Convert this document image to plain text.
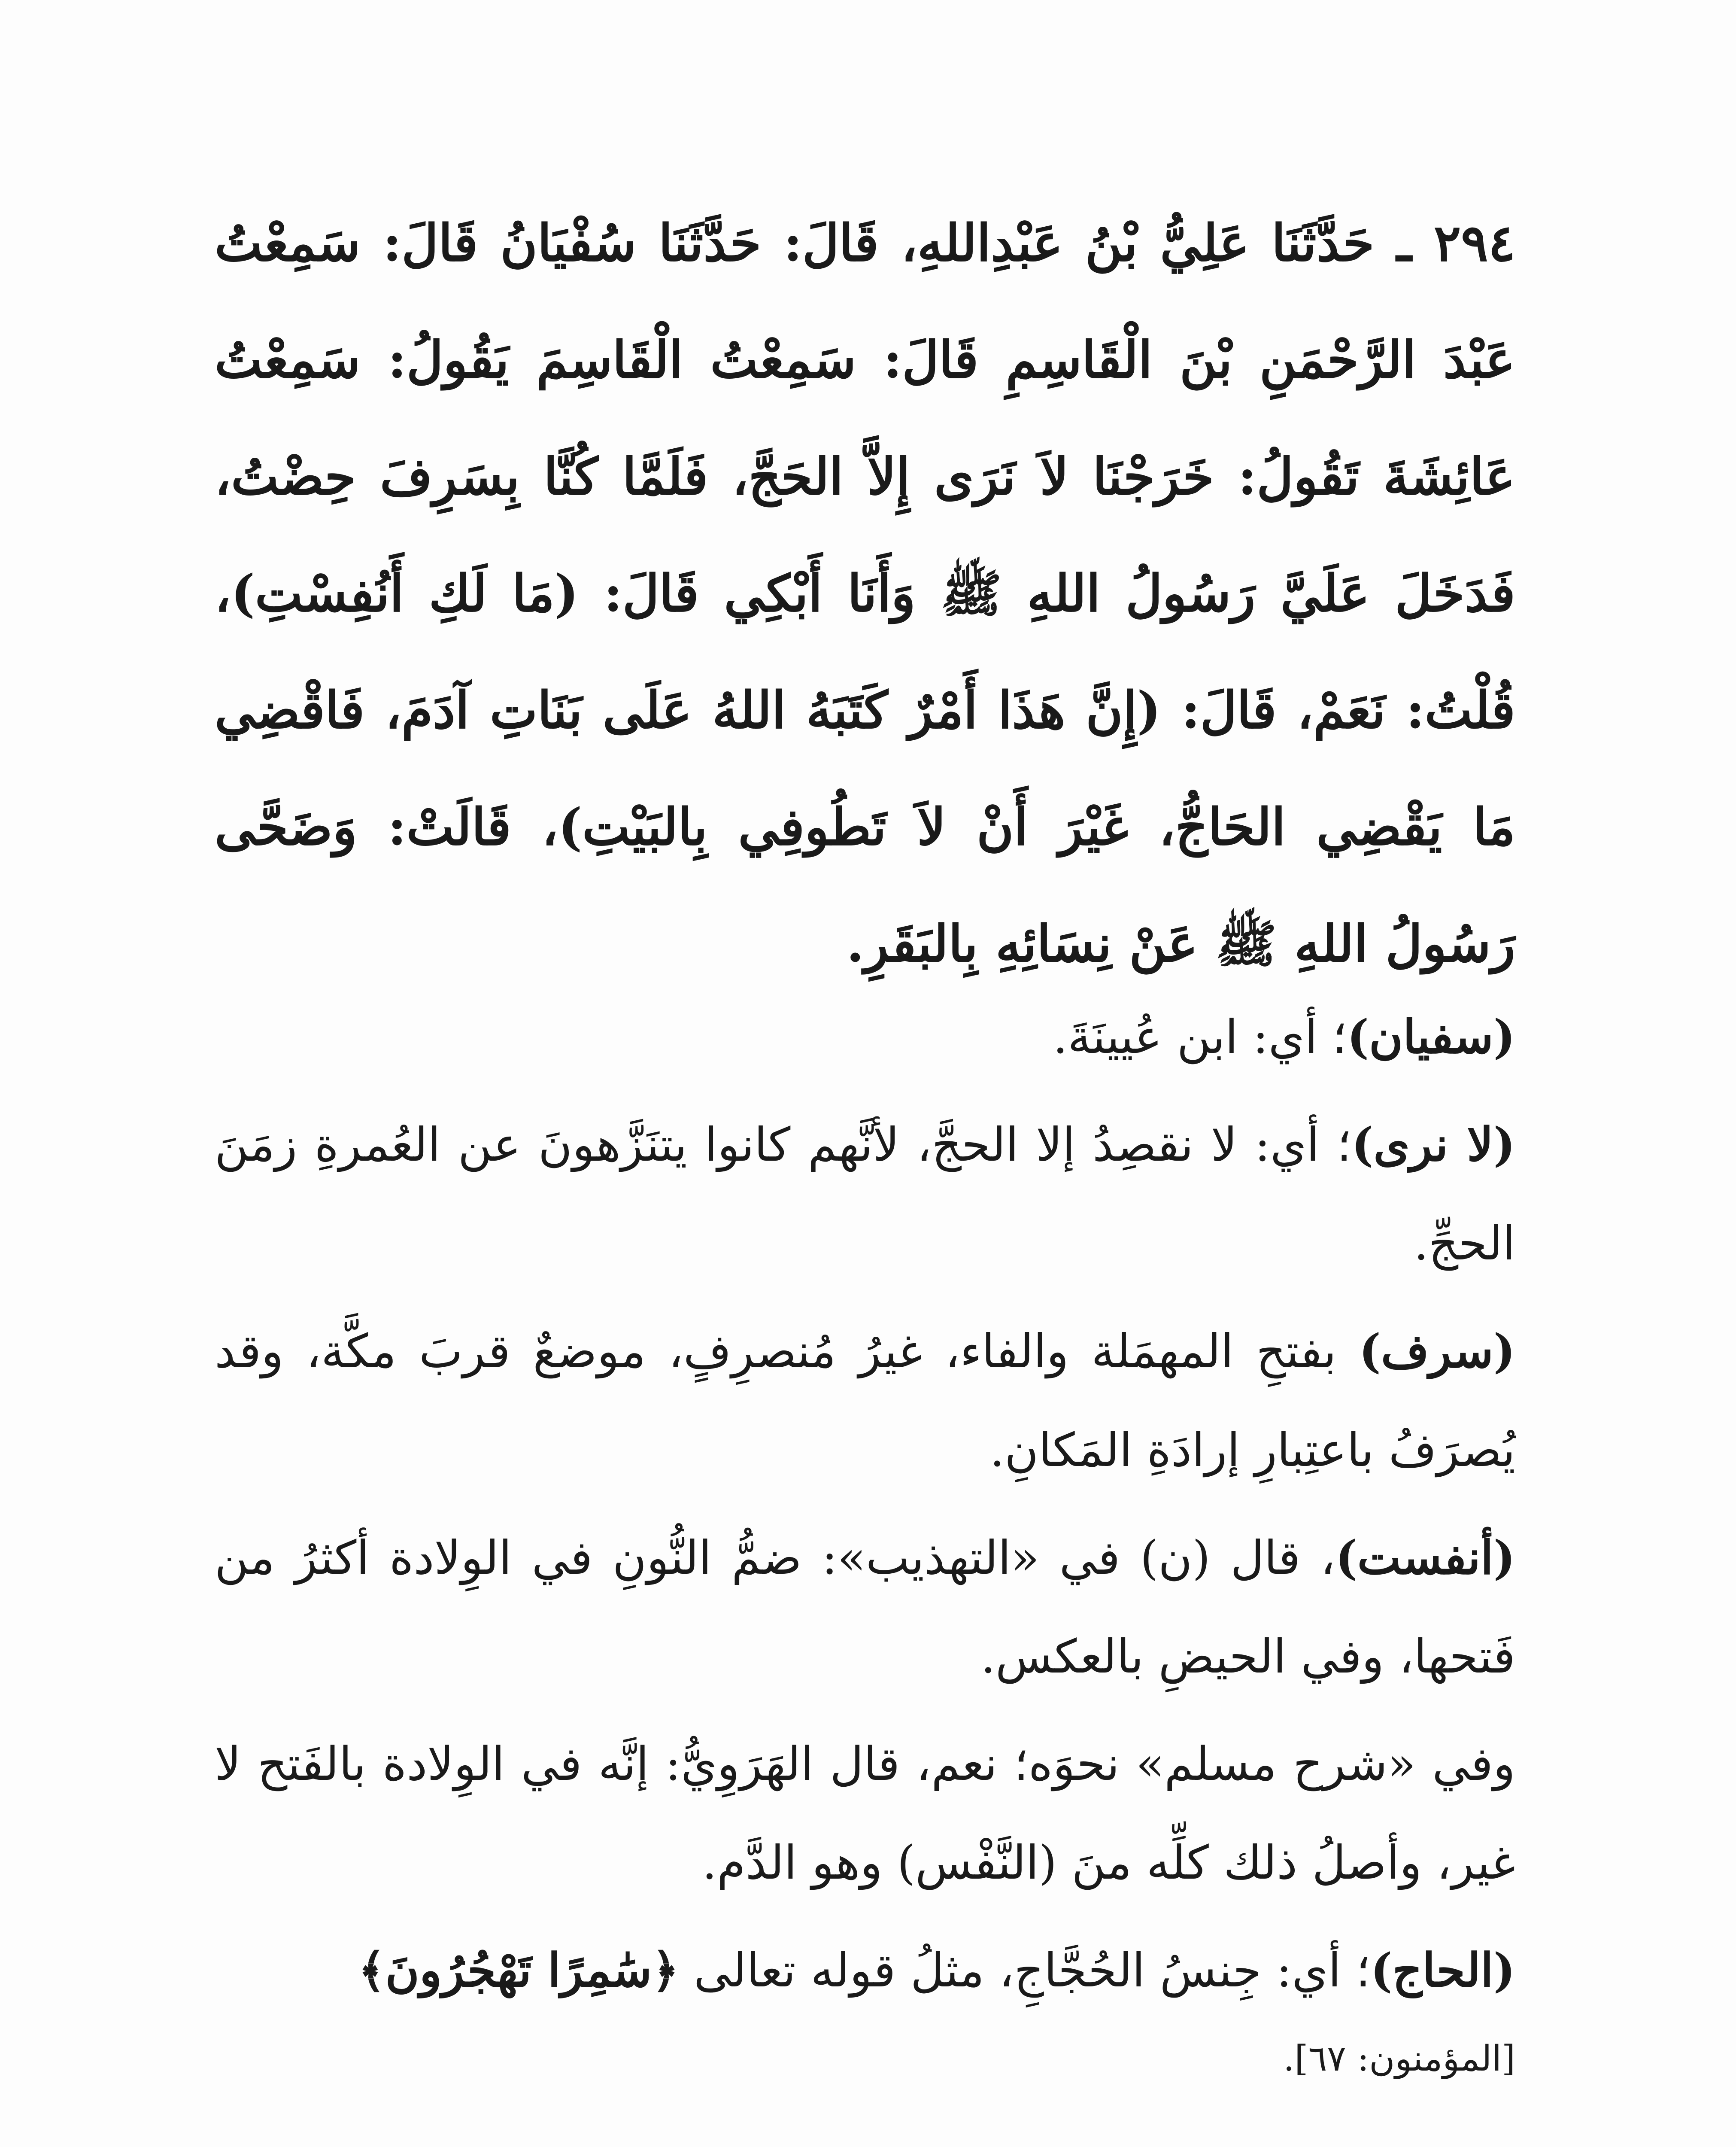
٢٩٤ ـ حَدَّثَنَا عَلِيُّ بْنُ عَبْدِاللهِ، قَالَ: حَدَّثَنَا سُفْيَانُ قَالَ: سَمِعْتُ عَبْدَ الرَّحْمَنِ بْنَ الْقَاسِمِ قَالَ: سَمِعْتُ الْقَاسِمَ يَقُولُ: سَمِعْتُ عَائِشَةَ تَقُولُ: خَرَجْنَا لاَ نَرَى إِلاَّ الحَجَّ، فَلَمَّا كُنَّا بِسَرِفَ حِضْتُ، فَدَخَلَ عَلَيَّ رَسُولُ اللهِ ﷺ وَأَنَا أَبْكِي قَالَ: (مَا لَكِ أَنُفِسْتِ)، قُلْتُ: نَعَمْ، قَالَ: (إِنَّ هَذَا أَمْرٌ كَتَبَهُ اللهُ عَلَى بَنَاتِ آدَمَ، فَاقْضِي مَا يَقْضِي الحَاجُّ، غَيْرَ أَنْ لاَ تَطُوفِي بِالبَيْتِ)، قَالَتْ: وَضَحَّى رَسُولُ اللهِ ﷺ عَنْ نِسَائِهِ بِالبَقَرِ.

(سفيان)؛ أي: ابن عُيينَةَ.

(لا نرى)؛ أي: لا نقصِدُ إلا الحجَّ، لأنَّهم كانوا يتنَزَّهونَ عن العُمرةِ زمَنَ الحجِّ.

(سرف) بفتحِ المهمَلة والفاء، غيرُ مُنصرِفٍ، موضعٌ قربَ مكَّة، وقد يُصرَفُ باعتِبارِ إرادَةِ المَكانِ.

(أنفست)، قال (ن) في «التهذيب»: ضمُّ النُّونِ في الوِلادة أكثرُ من فَتحها، وفي الحيضِ بالعكس.

وفي «شرح مسلم» نحوَه؛ نعم، قال الهَرَوِيُّ: إنَّه في الوِلادة بالفَتح لا غير، وأصلُ ذلك كلِّه منَ (النَّفْس) وهو الدَّم.

(الحاج)؛ أي: جِنسُ الحُجَّاجِ، مثلُ قوله تعالى ﴿سَٰمِرًا تَهْجُرُونَ﴾
[المؤمنون: ٦٧].
